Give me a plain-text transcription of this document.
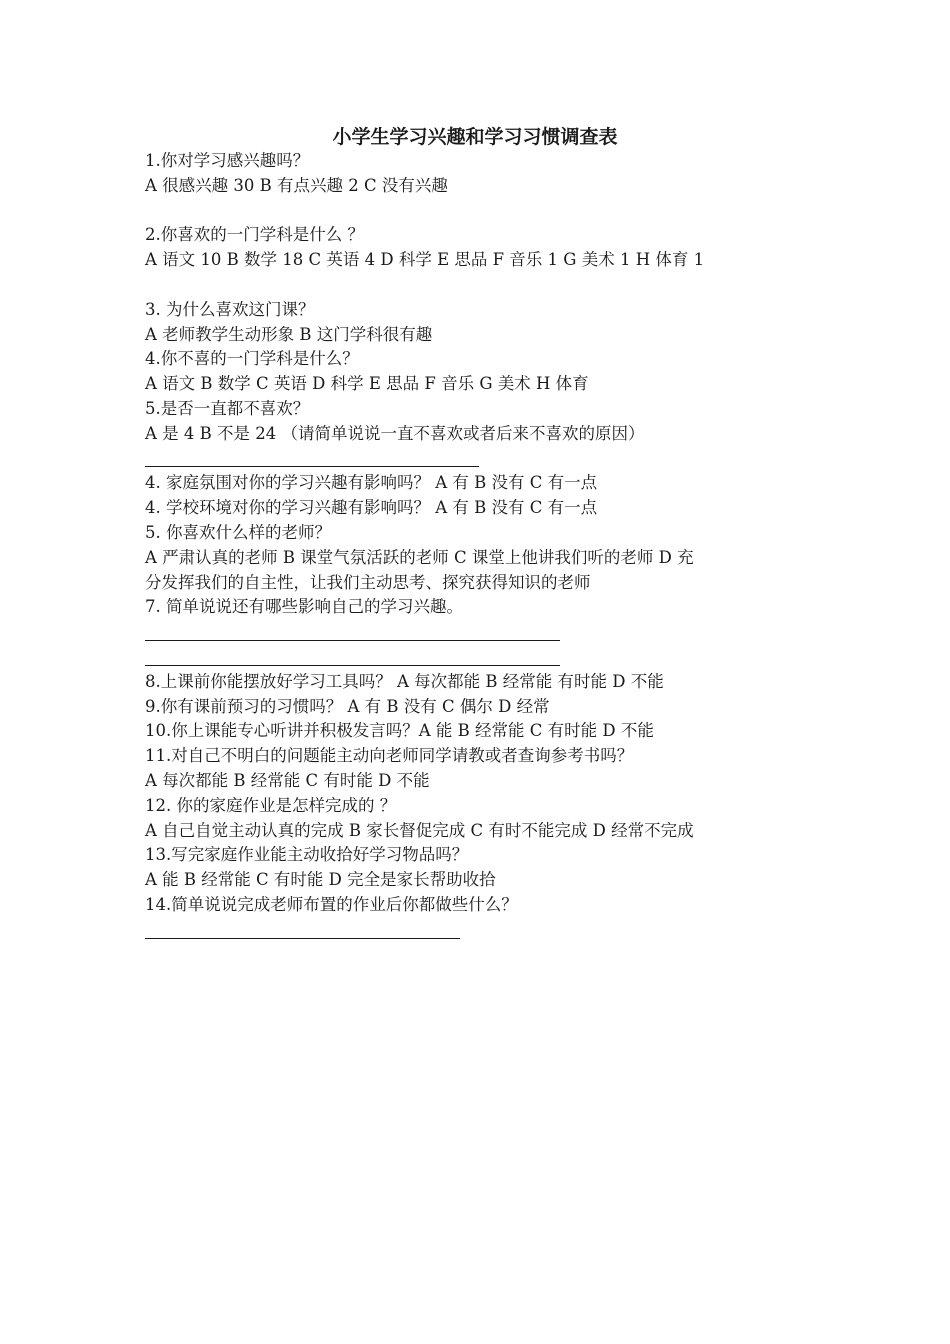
小学生学习兴趣和学习习惯调查表
1.你对学习感兴趣吗？
A 很感兴趣 30 B 有点兴趣 2 C 没有兴趣
2.你喜欢的一门学科是什么 ？
A 语文 10 B 数学 18 C 英语 4 D 科学 E 思品 F 音乐 1 G 美术 1 H 体育 1
3. 为什么喜欢这门课？
A 老师教学生动形象 B 这门学科很有趣
4.你不喜的一门学科是什么？
A 语文 B 数学 C 英语 D 科学 E 思品 F 音乐 G 美术 H 体育
5.是否一直都不喜欢？
A 是 4 B 不是 24 （请简单说说一直不喜欢或者后来不喜欢的原因）
4. 家庭氛围对你的学习兴趣有影响吗？ A 有 B 没有 C 有一点
4. 学校环境对你的学习兴趣有影响吗？ A 有 B 没有 C 有一点
5. 你喜欢什么样的老师？
A 严肃认真的老师 B 课堂气氛活跃的老师 C 课堂上他讲我们听的老师 D 充
分发挥我们的自主性，让我们主动思考、探究获得知识的老师
7. 简单说说还有哪些影响自己的学习兴趣。
8.上课前你能摆放好学习工具吗？ A 每次都能 B 经常能 有时能 D 不能
9.你有课前预习的习惯吗？ A 有 B 没有 C 偶尔 D 经常
10.你上课能专心听讲并积极发言吗？A 能 B 经常能 C 有时能 D 不能
11.对自己不明白的问题能主动向老师同学请教或者查询参考书吗？
A 每次都能 B 经常能 C 有时能 D 不能
12. 你的家庭作业是怎样完成的 ？
A 自己自觉主动认真的完成 B 家长督促完成 C 有时不能完成 D 经常不完成
13.写完家庭作业能主动收拾好学习物品吗？
A 能 B 经常能 C 有时能 D 完全是家长帮助收拾
14.简单说说完成老师布置的作业后你都做些什么？
